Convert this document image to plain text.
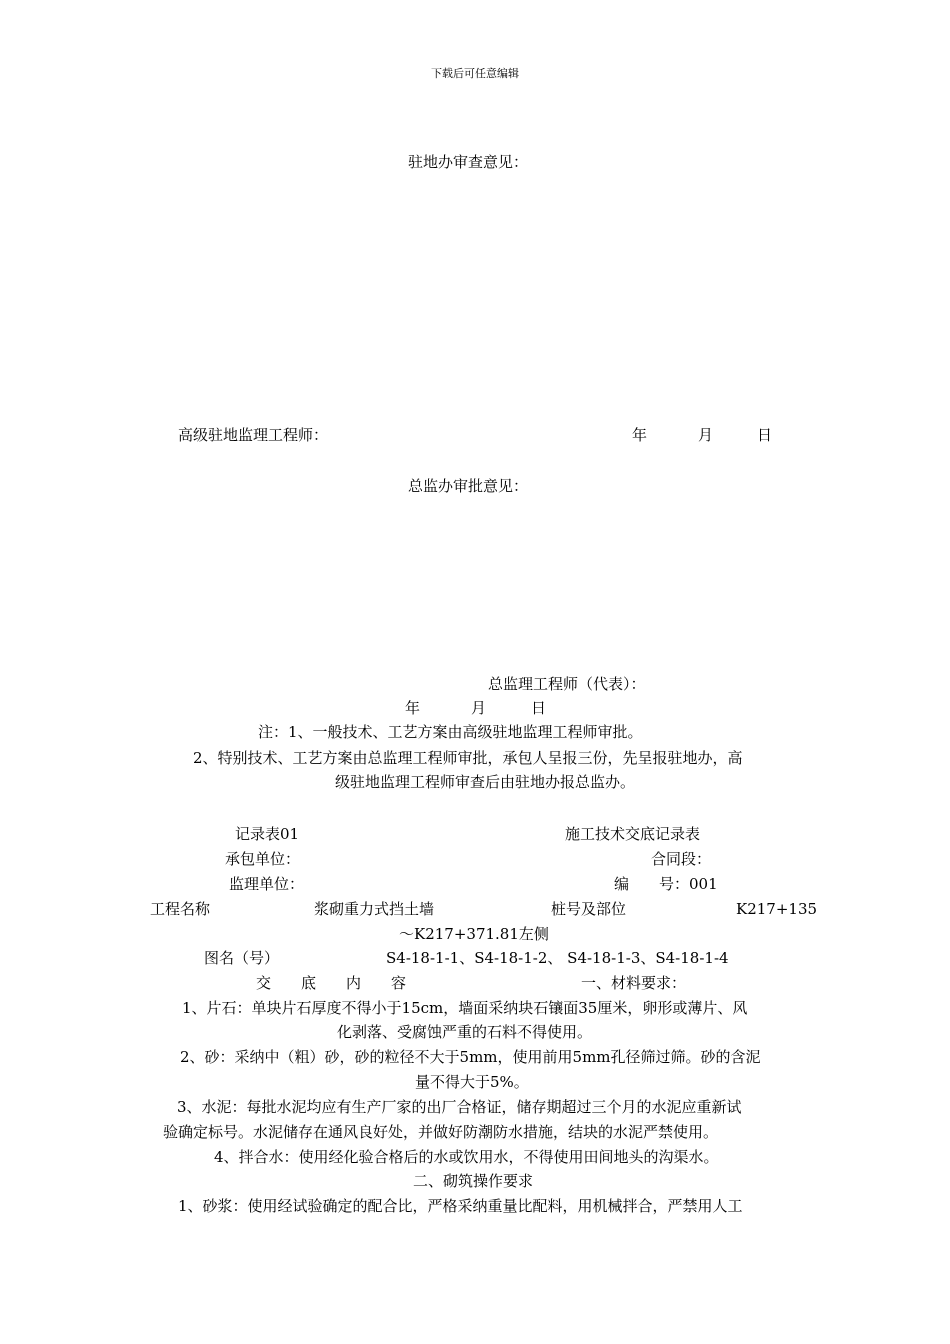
下载后可任意编辑
驻地办审查意见：
高级驻地监理工程师：	年	月	日
总监办审批意见：
总监理工程师（代表）：
年	月	日
注：1、一般技术、工艺方案由高级驻地监理工程师审批。
2、特别技术、工艺方案由总监理工程师审批，承包人呈报三份，先呈报驻地办，高
级驻地监理工程师审查后由驻地办报总监办。
记录表01	施工技术交底记录表
承包单位：	合同段：
监理单位：	编　　号：001
工程名称	浆砌重力式挡土墙	桩号及部位	K217+135
～K217+371.81左侧
图名（号）	S4-18-1-1、S4-18-1-2、 S4-18-1-3、S4-18-1-4
交　　底　　内　　容	一、材料要求：
1、片石：单块片石厚度不得小于15cm，墙面采纳块石镶面35厘米，卵形或薄片、风
化剥落、受腐蚀严重的石料不得使用。
2、砂：采纳中（粗）砂，砂的粒径不大于5mm，使用前用5mm孔径筛过筛。砂的含泥
量不得大于5%。
3、水泥：每批水泥均应有生产厂家的出厂合格证，储存期超过三个月的水泥应重新试
验确定标号。水泥储存在通风良好处，并做好防潮防水措施，结块的水泥严禁使用。
4、拌合水：使用经化验合格后的水或饮用水，不得使用田间地头的沟渠水。
二、砌筑操作要求
1、砂浆：使用经试验确定的配合比，严格采纳重量比配料，用机械拌合，严禁用人工
